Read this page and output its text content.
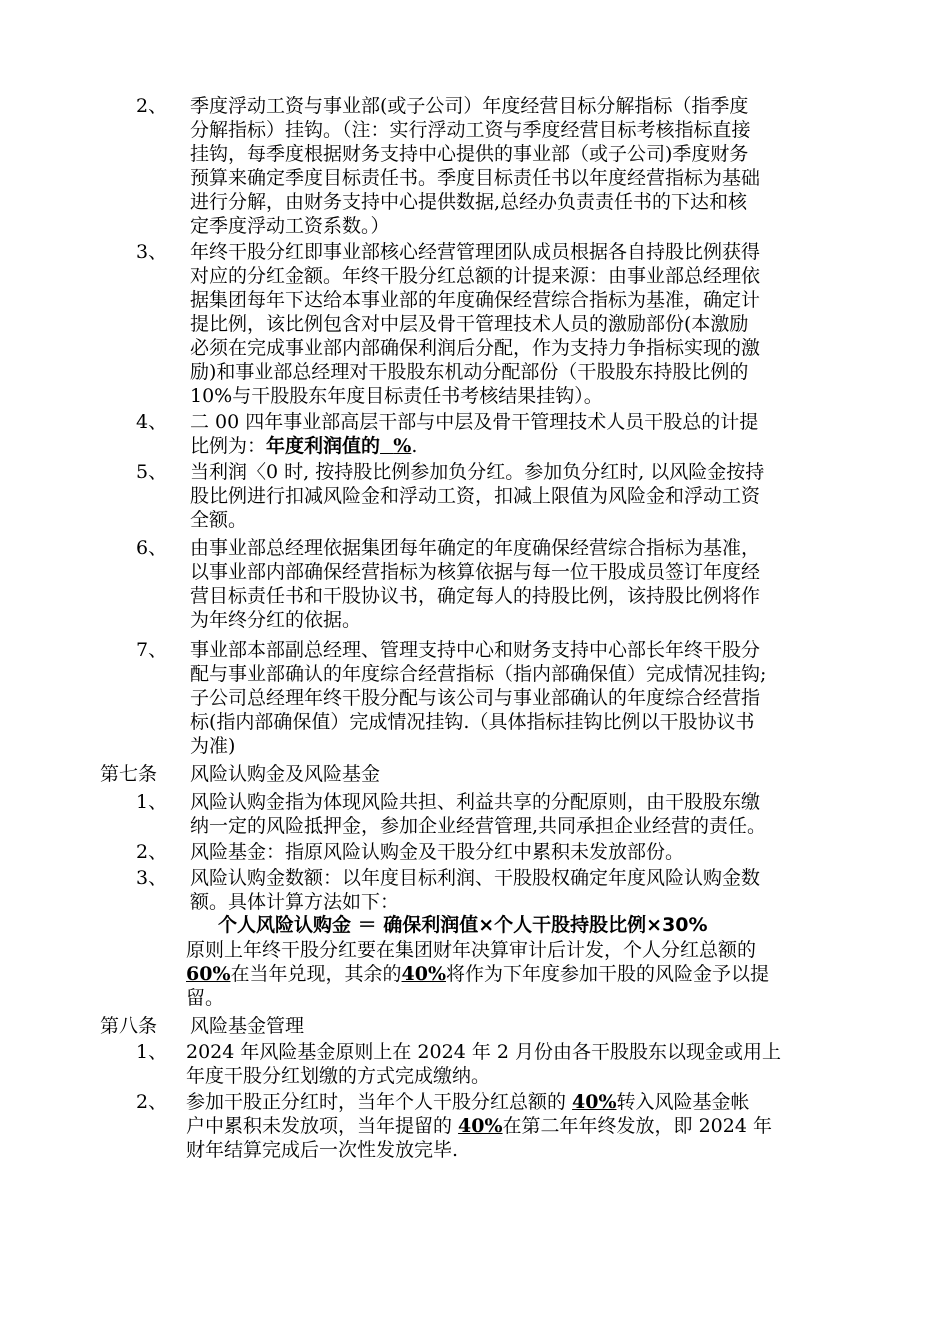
2、 季度浮动工资与事业部(或子公司）年度经营目标分解指标（指季度
分解指标）挂钩。（注：实行浮动工资与季度经营目标考核指标直接
挂钩，每季度根据财务支持中心提供的事业部（或子公司)季度财务
预算来确定季度目标责任书。季度目标责任书以年度经营指标为基础
进行分解，由财务支持中心提供数据,总经办负责责任书的下达和核
定季度浮动工资系数。）
3、 年终干股分红即事业部核心经营管理团队成员根据各自持股比例获得
对应的分红金额。年终干股分红总额的计提来源：由事业部总经理依
据集团每年下达给本事业部的年度确保经营综合指标为基准，确定计
提比例，该比例包含对中层及骨干管理技术人员的激励部份(本激励
必须在完成事业部内部确保利润后分配，作为支持力争指标实现的激
励)和事业部总经理对干股股东机动分配部份（干股股东持股比例的
10%与干股股东年度目标责任书考核结果挂钩）。
4、 二 00 四年事业部高层干部与中层及骨干管理技术人员干股总的计提
比例为：年度利润值的 %.
5、 当利润〈0 时, 按持股比例参加负分红。参加负分红时, 以风险金按持
股比例进行扣减风险金和浮动工资，扣减上限值为风险金和浮动工资
全额。
6、 由事业部总经理依据集团每年确定的年度确保经营综合指标为基准，
以事业部内部确保经营指标为核算依据与每一位干股成员签订年度经
营目标责任书和干股协议书，确定每人的持股比例，该持股比例将作
为年终分红的依据。
7、 事业部本部副总经理、管理支持中心和财务支持中心部长年终干股分
配与事业部确认的年度综合经营指标（指内部确保值）完成情况挂钩;
子公司总经理年终干股分配与该公司与事业部确认的年度综合经营指
标(指内部确保值）完成情况挂钩.（具体指标挂钩比例以干股协议书
为准)
第七条 风险认购金及风险基金
1、 风险认购金指为体现风险共担、利益共享的分配原则，由干股股东缴
纳一定的风险抵押金，参加企业经营管理,共同承担企业经营的责任。
2、 风险基金：指原风险认购金及干股分红中累积未发放部份。
3、 风险认购金数额：以年度目标利润、干股股权确定年度风险认购金数
额。具体计算方法如下：
个人风险认购金 ＝ 确保利润值×个人干股持股比例×30%
原则上年终干股分红要在集团财年决算审计后计发，个人分红总额的
60%在当年兑现，其余的40%将作为下年度参加干股的风险金予以提
留。
第八条 风险基金管理
1、 2024 年风险基金原则上在 2024 年 2 月份由各干股股东以现金或用上
年度干股分红划缴的方式完成缴纳。
2、 参加干股正分红时，当年个人干股分红总额的 40%转入风险基金帐
户中累积未发放项，当年提留的 40%在第二年年终发放，即 2024 年
财年结算完成后一次性发放完毕.
